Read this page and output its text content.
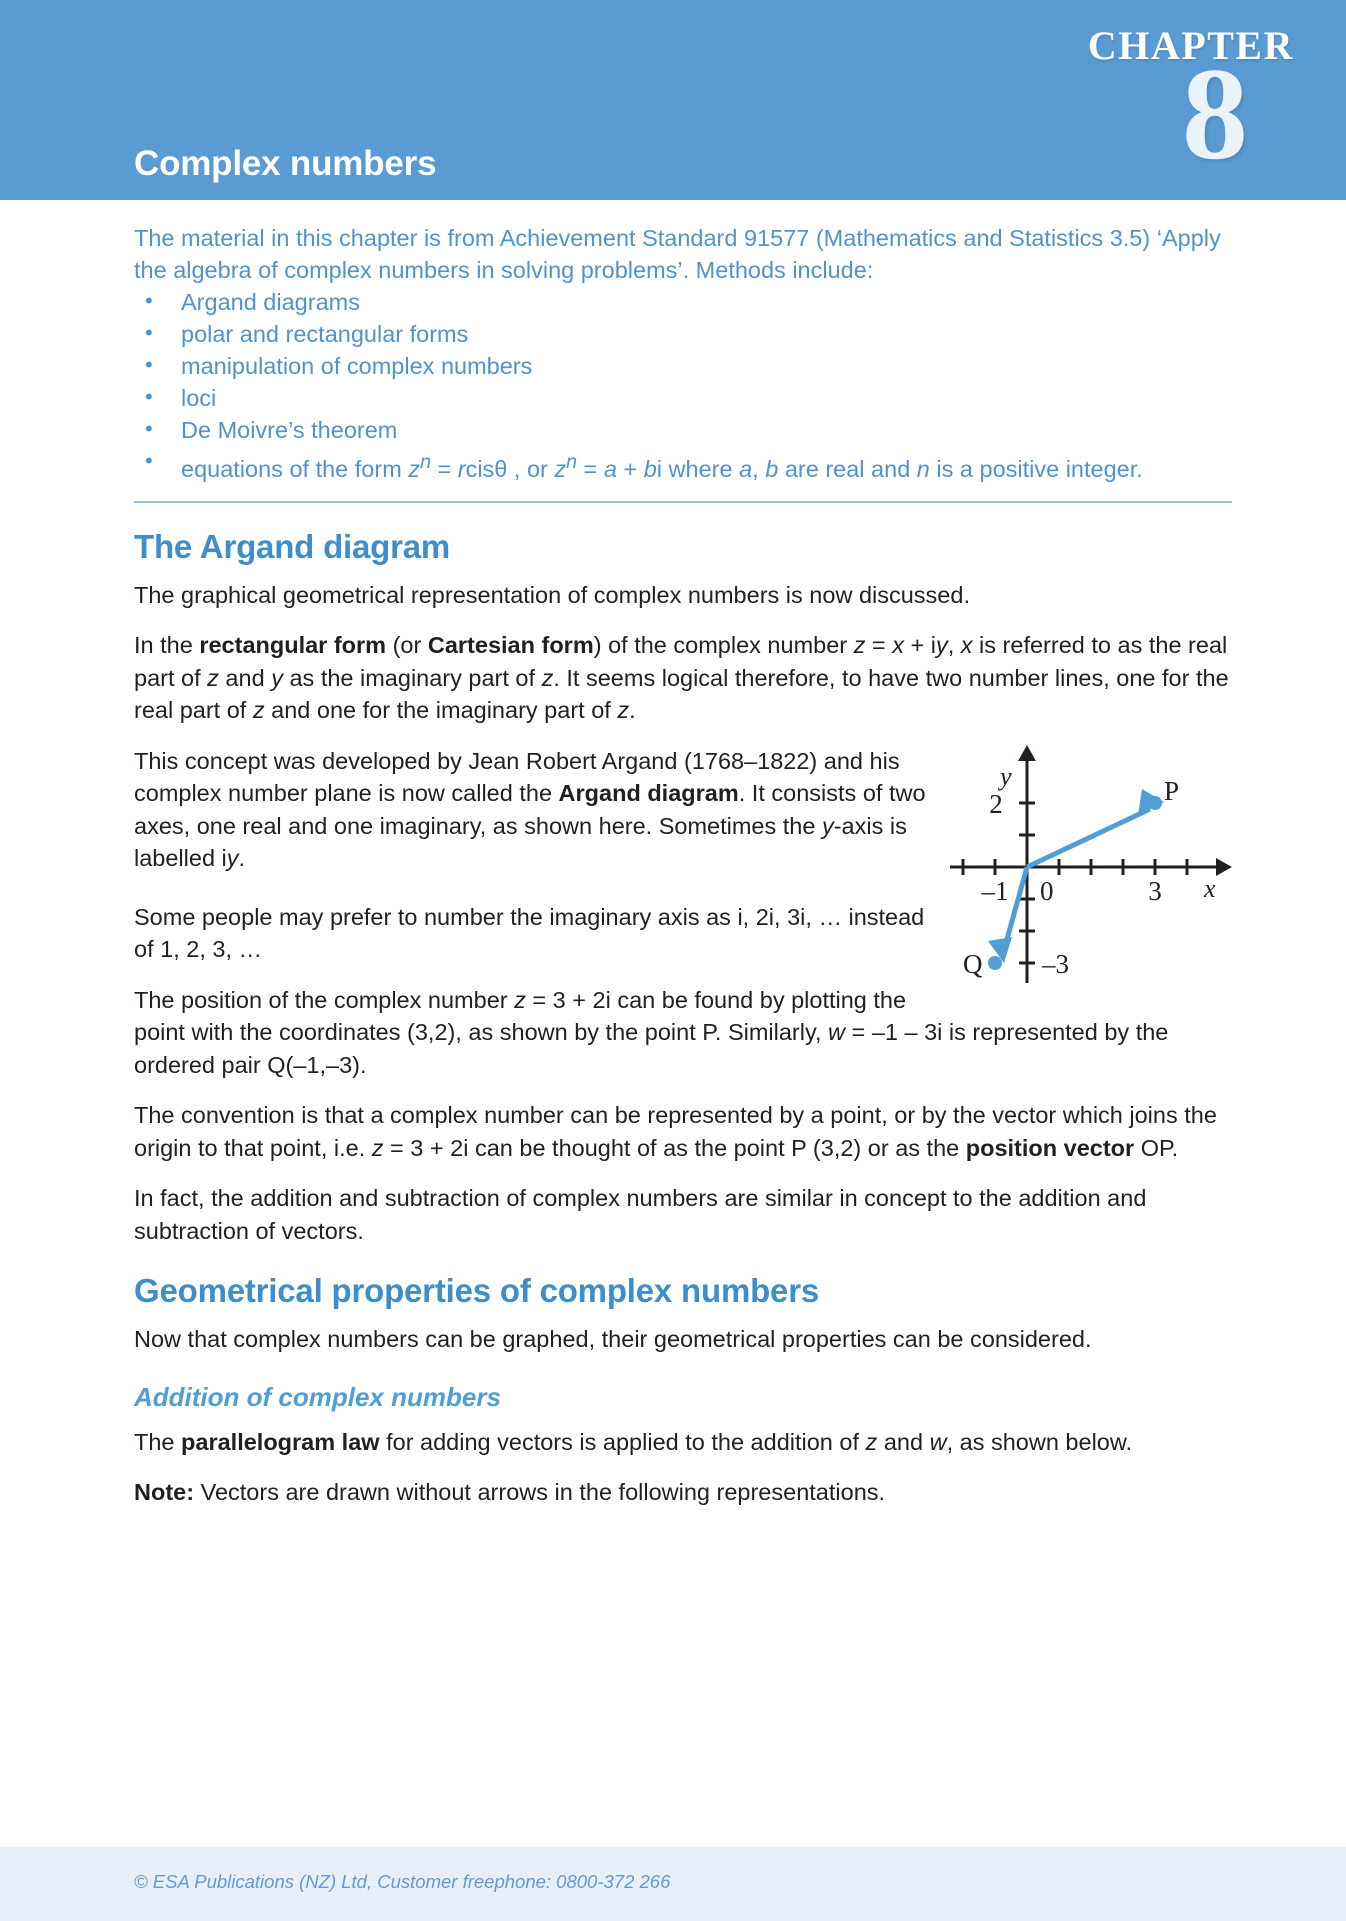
CHAPTER
8
Complex numbers

The material in this chapter is from Achievement Standard 91577 (Mathematics and Statistics 3.5) ‘Apply the algebra of complex numbers in solving problems’. Methods include:

• Argand diagrams
• polar and rectangular forms
• manipulation of complex numbers
• loci
• De Moivre’s theorem
• equations of the form $z^n$ = rcisθ , or $z^n = a$ + bi where a, b are real and n is a positive integer.
The Argand diagram

The graphical geometrical representation of complex numbers is now discussed.

In the rectangular form (or Cartesian form) of the complex number z = x + iy, x is referred to as the real part of z and y as the imaginary part of z. It seems logical therefore, to have two number lines, one for the real part of z and one for the imaginary part of z.

y
x
2
–1 0	3
–3
P
Q

This concept was developed by Jean Robert Argand (1768–1822) and his complex number plane is now called the Argand diagram. It consists of two axes, one real and one imaginary, as shown here. Sometimes the y-axis is labelled iy.

Some people may prefer to number the imaginary axis as i, 2i, 3i, … instead of 1, 2, 3, …

The position of the complex number z = 3 + 2i can be found by plotting the point with the coordinates (3,2), as shown by the point P. Similarly, w = –1 – 3i is represented by the ordered pair Q(–1,–3).

The convention is that a complex number can be represented by a point, or by the vector which joins the origin to that point, i.e. z = 3 + 2i can be thought of as the point P (3,2) or as the position vector OP.

In fact, the addition and subtraction of complex numbers are similar in concept to the addition and subtraction of vectors.

Geometrical properties of complex numbers

Now that complex numbers can be graphed, their geometrical properties can be considered.

Addition of complex numbers

The parallelogram law for adding vectors is applied to the addition of z and w, as shown below.

Note: Vectors are drawn without arrows in the following representations.

© ESA Publications (NZ) Ltd, Customer freephone: 0800-372 266
